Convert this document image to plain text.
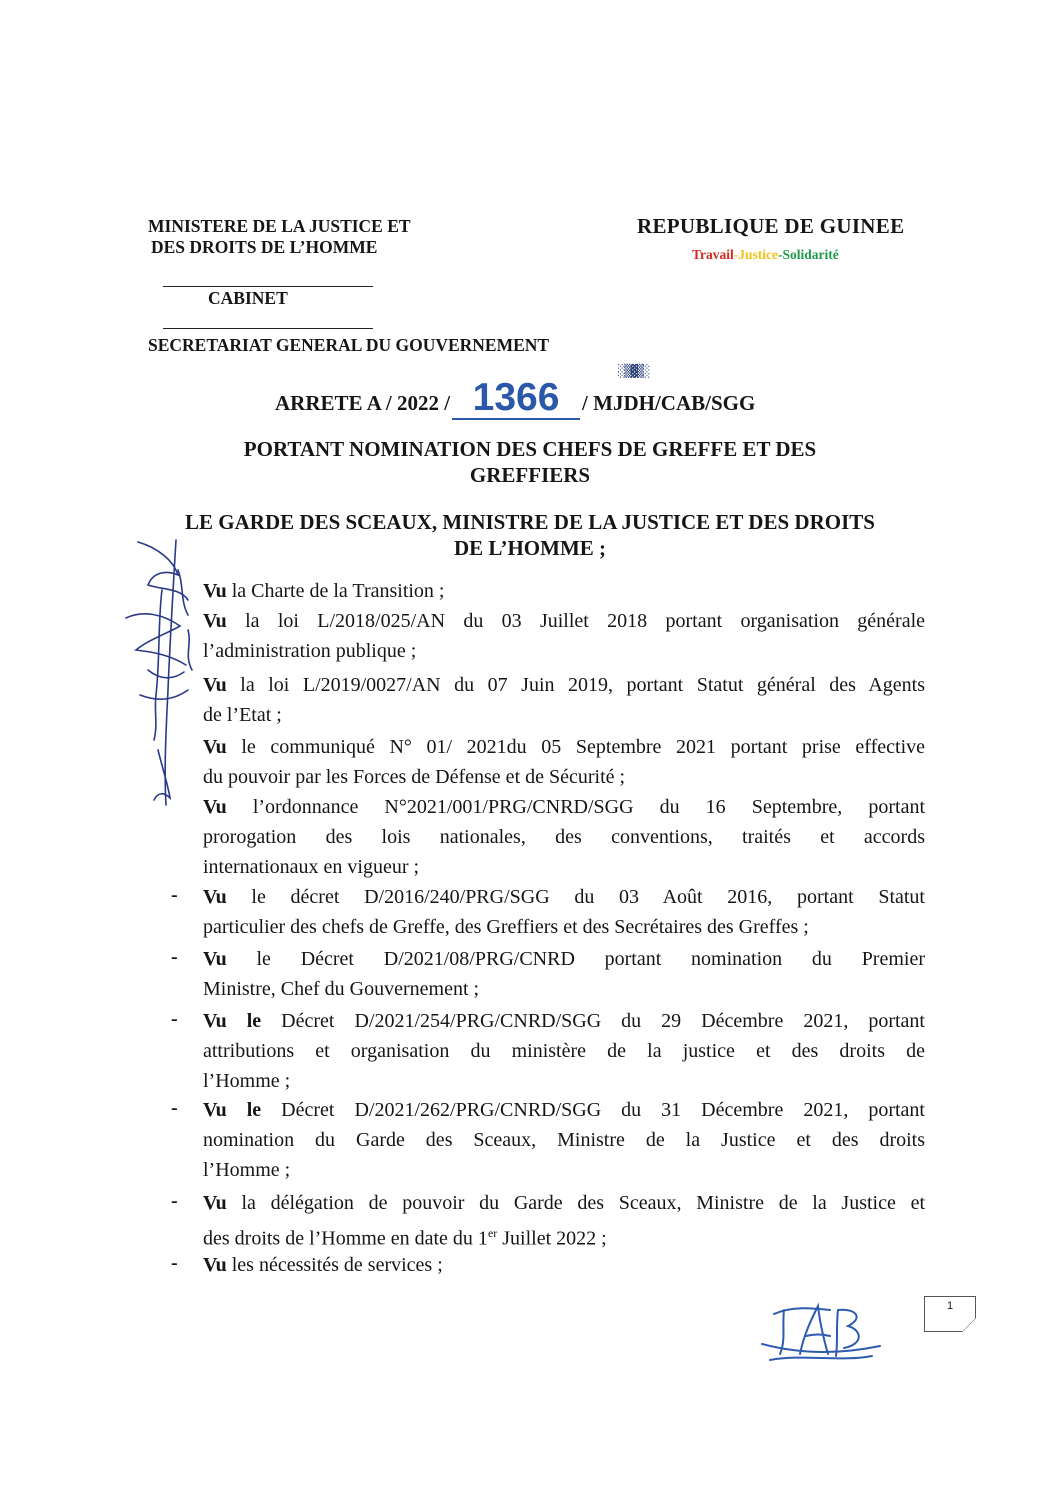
MINISTERE DE LA JUSTICE ET
DES DROITS DE L’HOMME
CABINET
SECRETARIAT GENERAL DU GOUVERNEMENT
REPUBLIQUE DE GUINEE
Travail-Justice-Solidarité
░▒▓▒░
ARRETE A / 2022 / 1366 / MJDH/CAB/SGG
PORTANT NOMINATION DES CHEFS DE GREFFE ET DES
GREFFIERS
LE GARDE DES SCEAUX, MINISTRE DE LA JUSTICE ET DES DROITS
DE L’HOMME ;
Vu la Charte de la Transition ;
Vu la loi L/2018/025/AN du 03 Juillet 2018 portant organisation générale
l’administration publique ;
Vu la loi L/2019/0027/AN du 07 Juin 2019, portant Statut général des Agents
de l’Etat ;
Vu le communiqué N° 01/ 2021du 05 Septembre 2021 portant prise effective
du pouvoir par les Forces de Défense et de Sécurité ;
Vu l’ordonnance N°2021/001/PRG/CNRD/SGG du 16 Septembre, portant
prorogation des lois nationales, des conventions, traités et accords
internationaux en vigueur ;
- Vu le décret D/2016/240/PRG/SGG du 03 Août 2016, portant Statut
particulier des chefs de Greffe, des Greffiers et des Secrétaires des Greffes ;
- Vu le Décret D/2021/08/PRG/CNRD portant nomination du Premier
Ministre, Chef du Gouvernement ;
- Vu le Décret D/2021/254/PRG/CNRD/SGG du 29 Décembre 2021, portant
attributions et organisation du ministère de la justice et des droits de
l’Homme ;
- Vu le Décret D/2021/262/PRG/CNRD/SGG du 31 Décembre 2021, portant
nomination du Garde des Sceaux, Ministre de la Justice et des droits
l’Homme ;
- Vu la délégation de pouvoir du Garde des Sceaux, Ministre de la Justice et
des droits de l’Homme en date du 1er Juillet 2022 ;
- Vu les nécessités de services ;
1
